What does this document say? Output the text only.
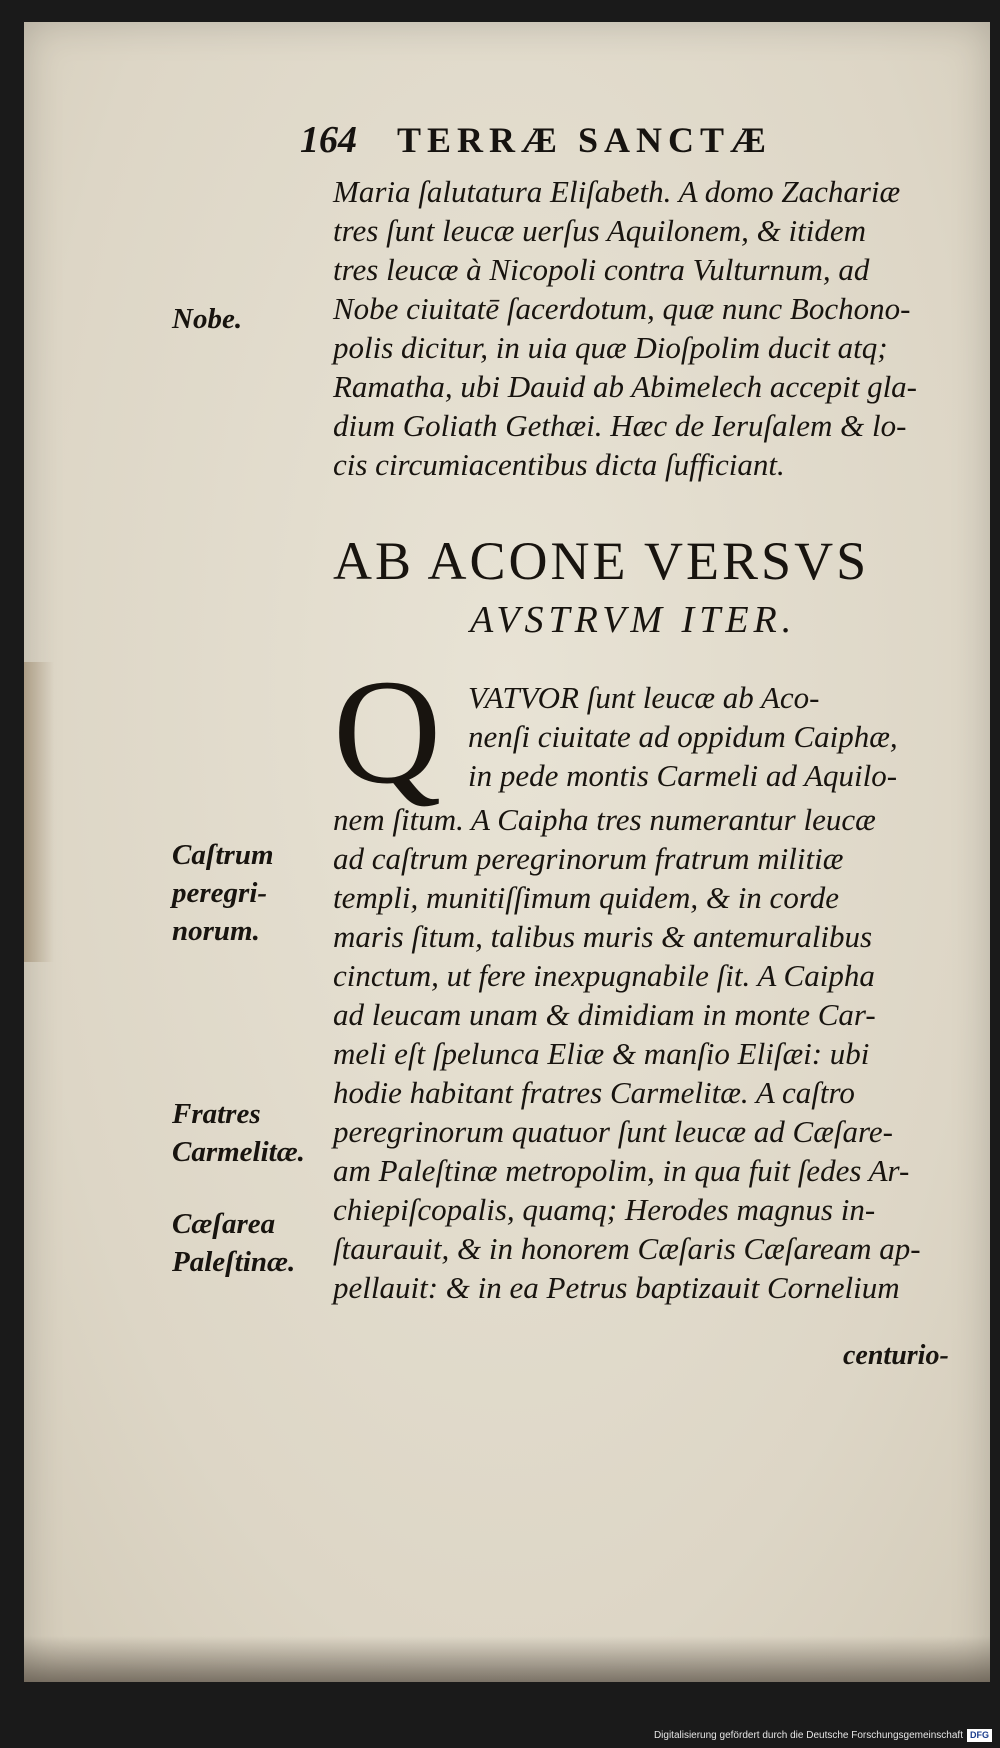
164 TERRÆ SANCTÆ
Maria ſalutatura Eliſabeth. A domo Zachariæ
tres ſunt leucæ uerſus Aquilonem, & itidem
tres leucæ à Nicopoli contra Vulturnum, ad
Nobe ciuitatē ſacerdotum, quæ nunc Bochono-
polis dicitur, in uia quæ Dioſpolim ducit atq;
Ramatha, ubi Dauid ab Abimelech accepit gla-
dium Goliath Gethæi. Hæc de Ieruſalem & lo-
cis circumiacentibus dicta ſufficiant.
AB ACONE VERSVS
AVSTRVM ITER.
Q VATVOR ſunt leucæ ab Aco-
nenſi ciuitate ad oppidum Caiphæ,
in pede montis Carmeli ad Aquilo-
nem ſitum. A Caipha tres numerantur leucæ
ad caſtrum peregrinorum fratrum militiæ
templi, munitiſſimum quidem, & in corde
maris ſitum, talibus muris & antemuralibus
cinctum, ut fere inexpugnabile ſit. A Caipha
ad leucam unam & dimidiam in monte Car-
meli eſt ſpelunca Eliæ & manſio Eliſæi: ubi
hodie habitant fratres Carmelitæ. A caſtro
peregrinorum quatuor ſunt leucæ ad Cæſare-
am Paleſtinæ metropolim, in qua fuit ſedes Ar-
chiepiſcopalis, quamq; Herodes magnus in-
ſtaurauit, & in honorem Cæſaris Cæſaream ap-
pellauit: & in ea Petrus baptizauit Cornelium
centurio-
Nobe.
Caſtrum
peregri-
norum.
Fratres
Carmelitæ.
Cæſarea
Paleſtinæ.
Digitalisierung gefördert durch die Deutsche Forschungsgemeinschaft DFG
